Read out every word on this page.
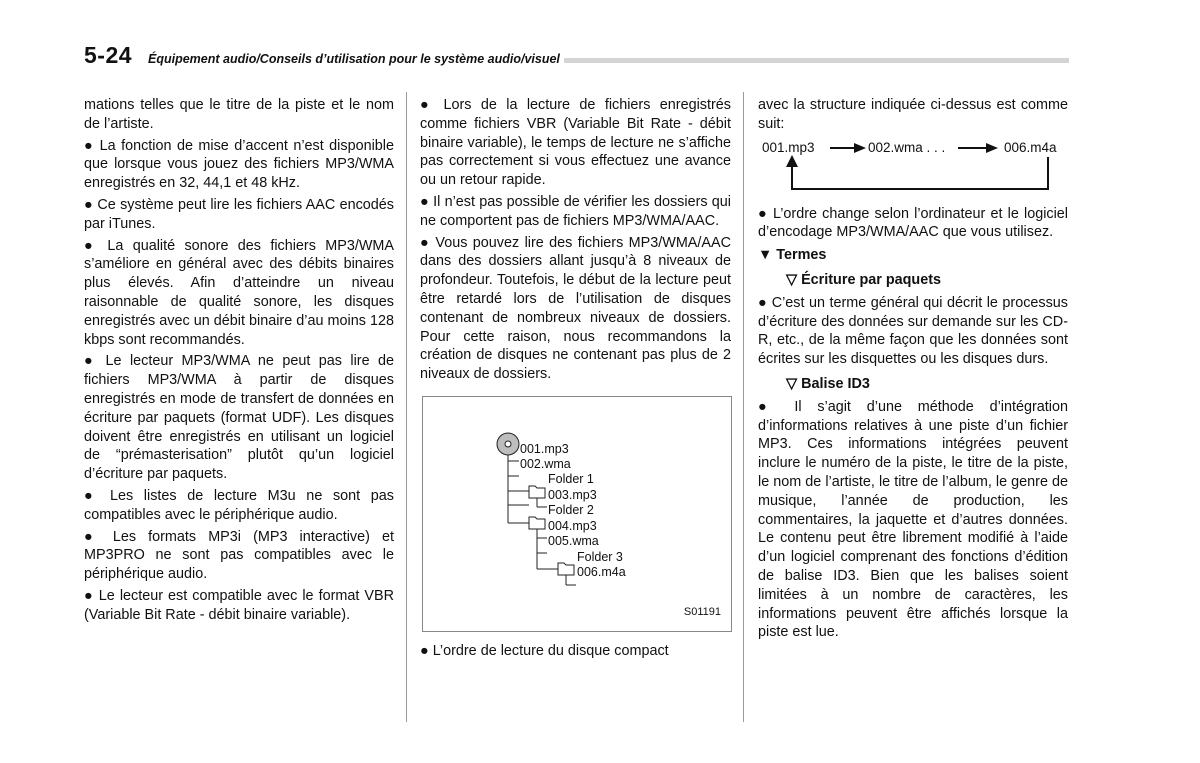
5-24 Équipement audio/Conseils d’utilisation pour le système audio/visuel

mations telles que le titre de la piste et le nom de l’artiste.

● La fonction de mise d’accent n’est disponible que lorsque vous jouez des fichiers MP3/WMA enregistrés en 32, 44,1 et 48 kHz.

● Ce système peut lire les fichiers AAC encodés par iTunes.

● La qualité sonore des fichiers MP3/WMA s’améliore en général avec des débits binaires plus élevés. Afin d’atteindre un niveau raisonnable de qualité sonore, les disques enregistrés avec un débit binaire d’au moins 128 kbps sont recommandés.

● Le lecteur MP3/WMA ne peut pas lire de fichiers MP3/WMA à partir de disques enregistrés en mode de transfert de données en écriture par paquets (format UDF). Les disques doivent être enregistrés en utilisant un logiciel de “prémasterisation” plutôt qu’un logiciel d’écriture par paquets.

● Les listes de lecture M3u ne sont pas compatibles avec le périphérique audio.

● Les formats MP3i (MP3 interactive) et MP3PRO ne sont pas compatibles avec le périphérique audio.

● Le lecteur est compatible avec le format VBR (Variable Bit Rate - débit binaire variable).

● Lors de la lecture de fichiers enregistrés comme fichiers VBR (Variable Bit Rate - débit binaire variable), le temps de lecture ne s’affiche pas correctement si vous effectuez une avance ou un retour rapide.

● Il n’est pas possible de vérifier les dossiers qui ne comportent pas de fichiers MP3/WMA/AAC.

● Vous pouvez lire des fichiers MP3/WMA/AAC dans des dossiers allant jusqu’à 8 niveaux de profondeur. Toutefois, le début de la lecture peut être retardé lors de l’utilisation de disques contenant de nombreux niveaux de dossiers. Pour cette raison, nous recommandons la création de disques ne contenant pas plus de 2 niveaux de dossiers.

001.mp3
002.wma
Folder 1
003.mp3
Folder 2
004.mp3
005.wma
Folder 3
006.m4a
S01191

● L’ordre de lecture du disque compact

avec la structure indiquée ci-dessus est comme suit:

001.mp3	002.wma . . .	006.m4a

● L’ordre change selon l’ordinateur et le logiciel d’encodage MP3/WMA/AAC que vous utilisez.

▼ Termes
▽ Écriture par paquets

● C’est un terme général qui décrit le processus d’écriture des données sur demande sur les CD-R, etc., de la même façon que les données sont écrites sur les disquettes ou les disques durs.

▽ Balise ID3

● Il s’agit d’une méthode d’intégration d’informations relatives à une piste d’un fichier MP3. Ces informations intégrées peuvent inclure le numéro de la piste, le titre de la piste, le nom de l’artiste, le titre de l’album, le genre de musique, l’année de production, les commentaires, la jaquette et d’autres données. Le contenu peut être librement modifié à l’aide d’un logiciel comprenant des fonctions d’édition de balise ID3. Bien que les balises soient limitées à un nombre de caractères, les informations peuvent être affichés lorsque la piste est lue.
